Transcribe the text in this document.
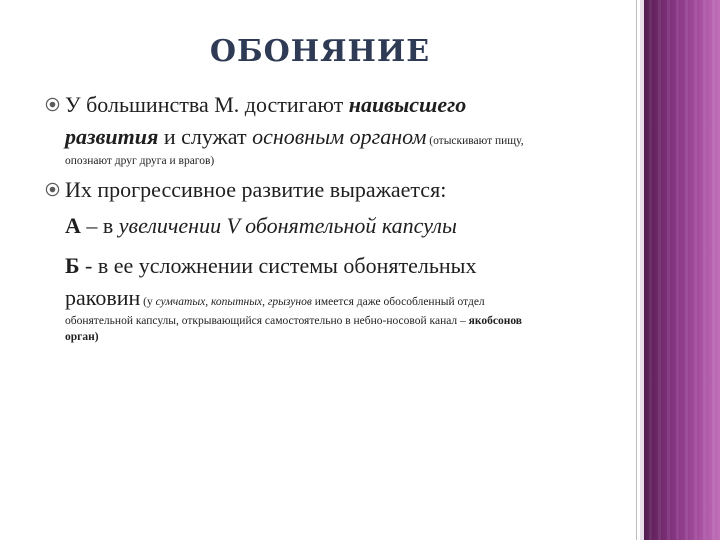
ОБОНЯНИЕ
У большинства М. достигают наивысшего
развития и служат основным органом (отыскивают пищу,
опознают друг друга и врагов)
Их прогрессивное развитие выражается:
А – в увеличении V обонятельной капсулы
Б - в ее усложнении системы обонятельных
раковин (у сумчатых, копытных, грызунов имеется даже обособленный отдел
обонятельной капсулы, открывающийся самостоятельно в небно-носовой канал – якобсонов
орган)
